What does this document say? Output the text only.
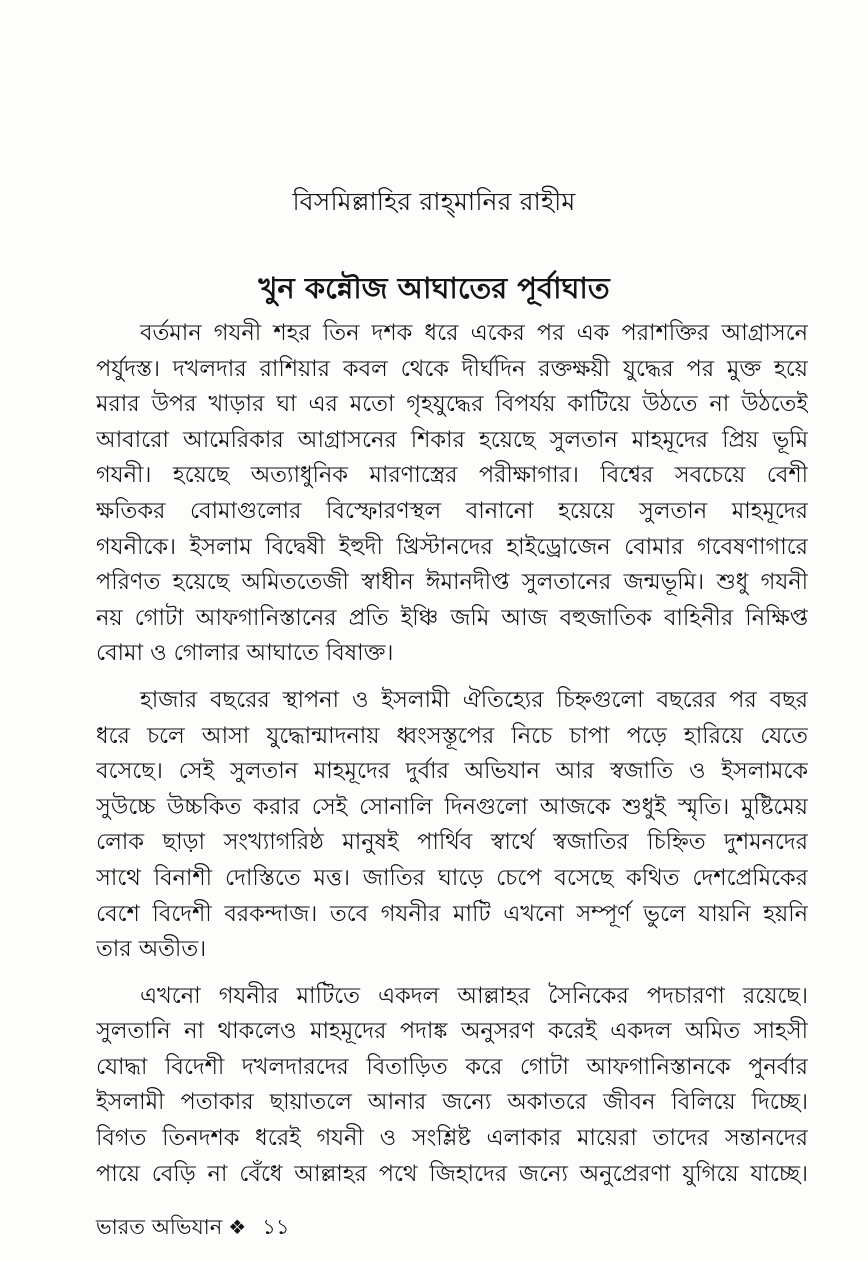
বিসমিল্লাহির রাহ্‌মানির রাহীম
খুন কন্নৌজ আঘাতের পূর্বাঘাত

বর্তমান গযনী শহর তিন দশক ধরে একের পর এক পরাশক্তির আগ্রাসনে
পর্যুদস্ত। দখলদার রাশিয়ার কবল থেকে দীর্ঘদিন রক্তক্ষয়ী যুদ্ধের পর মুক্ত হয়ে
মরার উপর খাড়ার ঘা এর মতো গৃহযুদ্ধের বিপর্যয় কাটিয়ে উঠতে না উঠতেই
আবারো আমেরিকার আগ্রাসনের শিকার হয়েছে সুলতান মাহমূদের প্রিয় ভূমি
গযনী। হয়েছে অত্যাধুনিক মারণাস্ত্রের পরীক্ষাগার। বিশ্বের সবচেয়ে বেশী
ক্ষতিকর বোমাগুলোর বিস্ফোরণস্থল বানানো হয়েয়ে সুলতান মাহমূদের
গযনীকে। ইসলাম বিদ্বেষী ইহুদী খ্রিস্টানদের হাইড্রোজেন বোমার গবেষণাগারে
পরিণত হয়েছে অমিততেজী স্বাধীন ঈমানদীপ্ত সুলতানের জন্মভূমি। শুধু গযনী
নয় গোটা আফগানিস্তানের প্রতি ইঞ্চি জমি আজ বহুজাতিক বাহিনীর নিক্ষিপ্ত
বোমা ও গোলার আঘাতে বিষাক্ত।

হাজার বছরের স্থাপনা ও ইসলামী ঐতিহ্যের চিহ্নগুলো বছরের পর বছর
ধরে চলে আসা যুদ্ধোন্মাদনায় ধ্বংসস্তূপের নিচে চাপা পড়ে হারিয়ে যেতে
বসেছে। সেই সুলতান মাহমূদের দুর্বার অভিযান আর স্বজাতি ও ইসলামকে
সুউচ্চে উচ্চকিত করার সেই সোনালি দিনগুলো আজকে শুধুই স্মৃতি। মুষ্টিমেয়
লোক ছাড়া সংখ্যাগরিষ্ঠ মানুষই পার্থিব স্বার্থে স্বজাতির চিহ্নিত দুশমনদের
সাথে বিনাশী দোস্তিতে মত্ত। জাতির ঘাড়ে চেপে বসেছে কথিত দেশপ্রেমিকের
বেশে বিদেশী বরকন্দাজ। তবে গযনীর মাটি এখনো সম্পূর্ণ ভুলে যায়নি হয়নি
তার অতীত।

এখনো গযনীর মাটিতে একদল আল্লাহর সৈনিকের পদচারণা রয়েছে।
সুলতানি না থাকলেও মাহমূদের পদাঙ্ক অনুসরণ করেই একদল অমিত সাহসী
যোদ্ধা বিদেশী দখলদারদের বিতাড়িত করে গোটা আফগানিস্তানকে পুনর্বার
ইসলামী পতাকার ছায়াতলে আনার জন্যে অকাতরে জীবন বিলিয়ে দিচ্ছে।
বিগত তিনদশক ধরেই গযনী ও সংশ্লিষ্ট এলাকার মায়েরা তাদের সন্তানদের
পায়ে বেড়ি না বেঁধে আল্লাহর পথে জিহাদের জন্যে অনুপ্রেরণা যুগিয়ে যাচ্ছে।

ভারত অভিযান ❖ ১১
